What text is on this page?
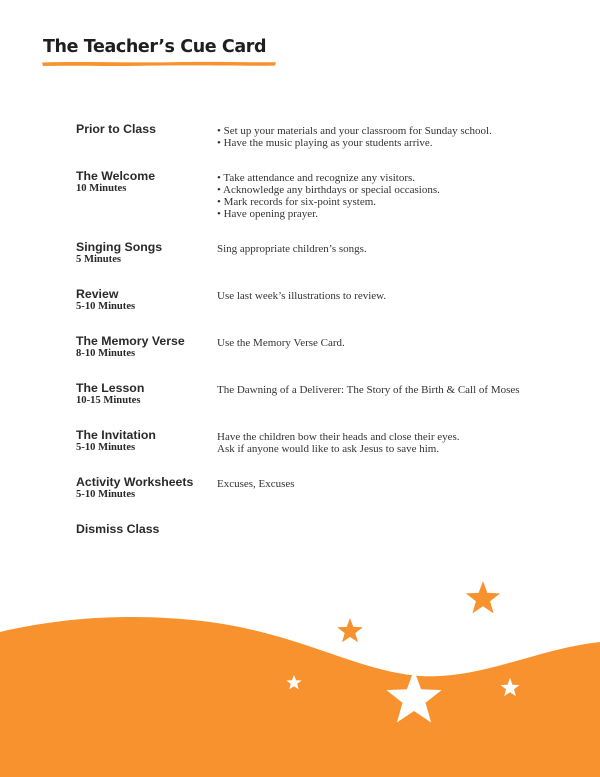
The Teacher’s Cue Card
Prior to Class	• Set up your materials and your classroom for Sunday school.
• Have the music playing as your students arrive.
The Welcome
10 Minutes
• Take attendance and recognize any visitors.
• Acknowledge any birthdays or special occasions.
• Mark records for six-point system.
• Have opening prayer.
Singing Songs
5 Minutes
Sing appropriate children’s songs.
Review
5-10 Minutes
Use last week’s illustrations to review.
The Memory Verse
8-10 Minutes
Use the Memory Verse Card.
The Lesson
10-15 Minutes
The Dawning of a Deliverer: The Story of the Birth & Call of Moses
The Invitation
5-10 Minutes
Have the children bow their heads and close their eyes.
Ask if anyone would like to ask Jesus to save him.
Activity Worksheets
5-10 Minutes
Excuses, Excuses
Dismiss Class
